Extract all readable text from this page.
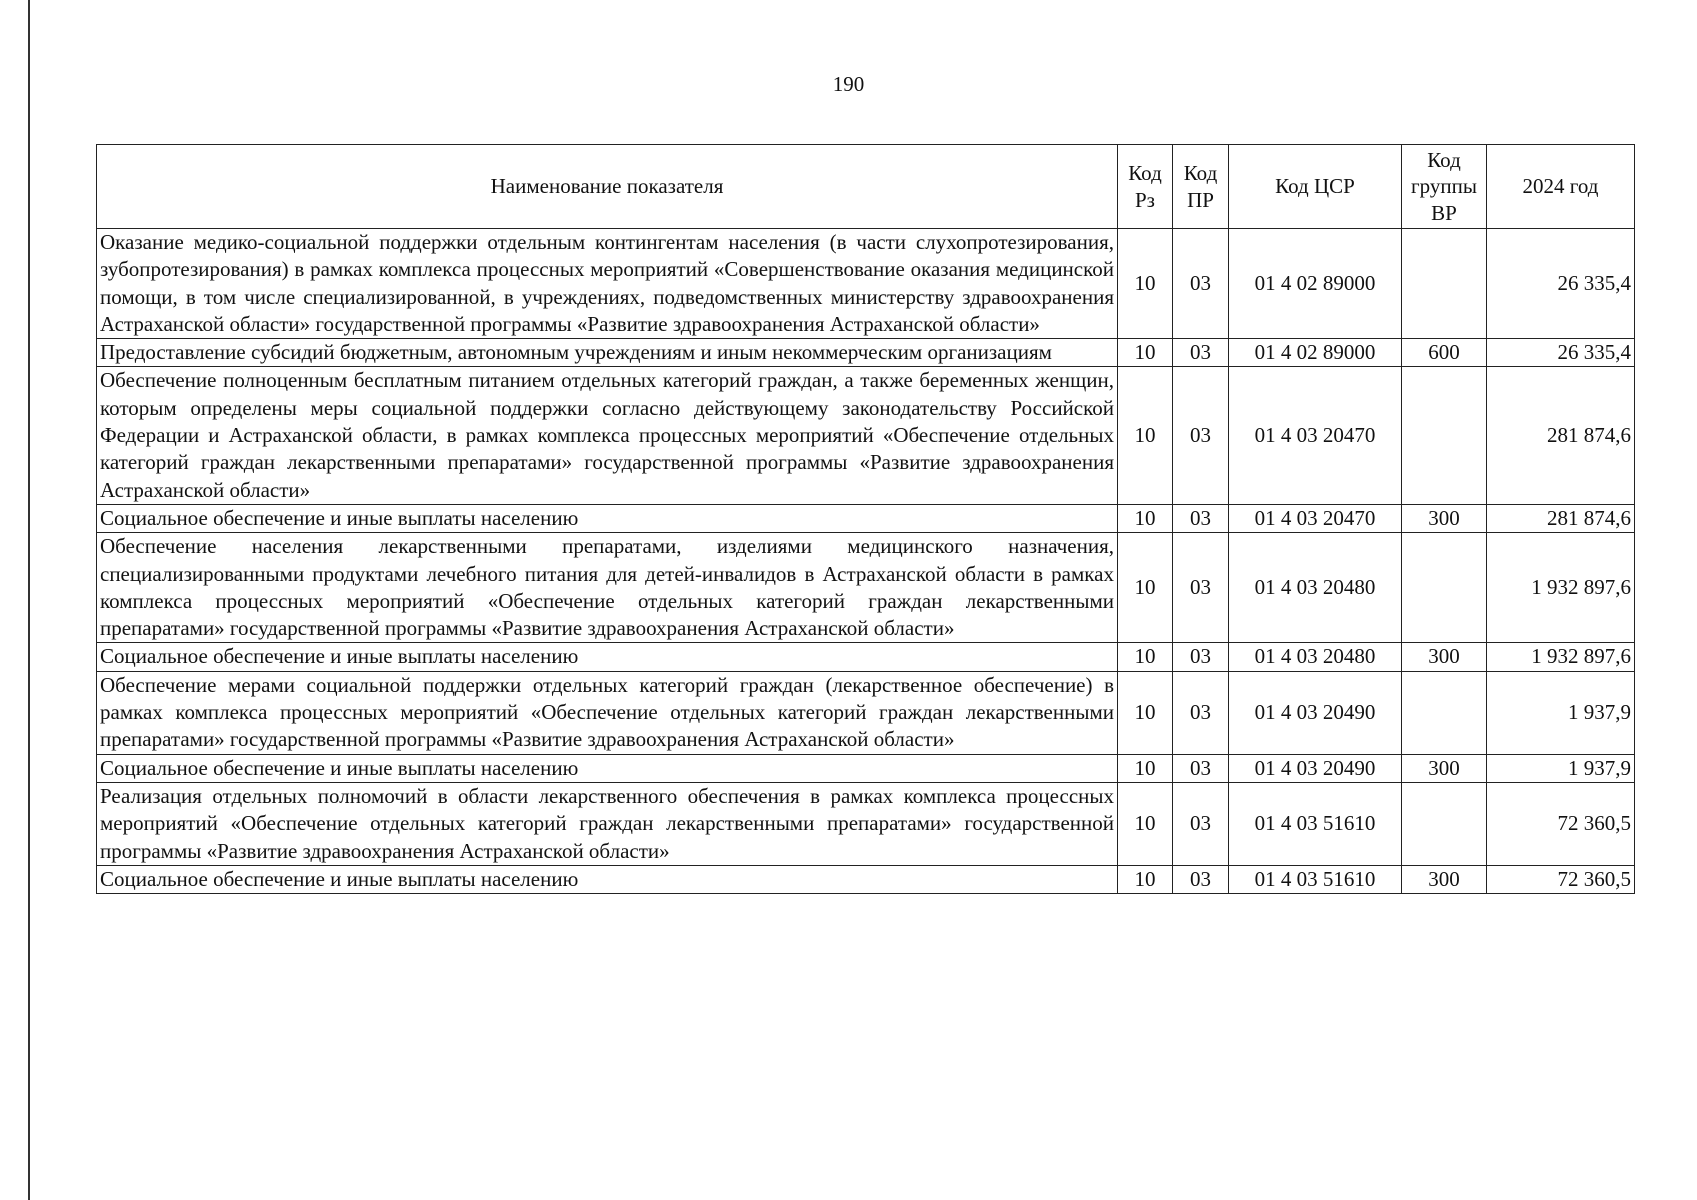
190
Наименование показателя	Код Рз	Код ПР	Код ЦСР	Код группы ВР	2024 год
Оказание медико-социальной поддержки отдельным контингентам населения (в части слухопротезирования, зубопротезирования) в рамках комплекса процессных мероприятий «Совершенствование оказания медицинской помощи, в том числе специализированной, в учреждениях, подведомственных министерству здравоохранения Астраханской области» государственной программы «Развитие здравоохранения Астраханской области»	10	03	01 4 02 89000		26 335,4
Предоставление субсидий бюджетным, автономным учреждениям и иным некоммерческим организациям	10	03	01 4 02 89000	600	26 335,4
Обеспечение полноценным бесплатным питанием отдельных категорий граждан, а также беременных женщин, которым определены меры социальной поддержки согласно действующему законодательству Российской Федерации и Астраханской области, в рамках комплекса процессных мероприятий «Обеспечение отдельных категорий граждан лекарственными препаратами» государственной программы «Развитие здравоохранения Астраханской области»	10	03	01 4 03 20470		281 874,6
Социальное обеспечение и иные выплаты населению	10	03	01 4 03 20470	300	281 874,6
Обеспечение населения лекарственными препаратами, изделиями медицинского назначения, специализированными продуктами лечебного питания для детей-инвалидов в Астраханской области в рамках комплекса процессных мероприятий «Обеспечение отдельных категорий граждан лекарственными препаратами» государственной программы «Развитие здравоохранения Астраханской области»	10	03	01 4 03 20480		1 932 897,6
Социальное обеспечение и иные выплаты населению	10	03	01 4 03 20480	300	1 932 897,6
Обеспечение мерами социальной поддержки отдельных категорий граждан (лекарственное обеспечение) в рамках комплекса процессных мероприятий «Обеспечение отдельных категорий граждан лекарственными препаратами» государственной программы «Развитие здравоохранения Астраханской области»	10	03	01 4 03 20490		1 937,9
Социальное обеспечение и иные выплаты населению	10	03	01 4 03 20490	300	1 937,9
Реализация отдельных полномочий в области лекарственного обеспечения в рамках комплекса процессных мероприятий «Обеспечение отдельных категорий граждан лекарственными препаратами» государственной программы «Развитие здравоохранения Астраханской области»	10	03	01 4 03 51610		72 360,5
Социальное обеспечение и иные выплаты населению	10	03	01 4 03 51610	300	72 360,5
